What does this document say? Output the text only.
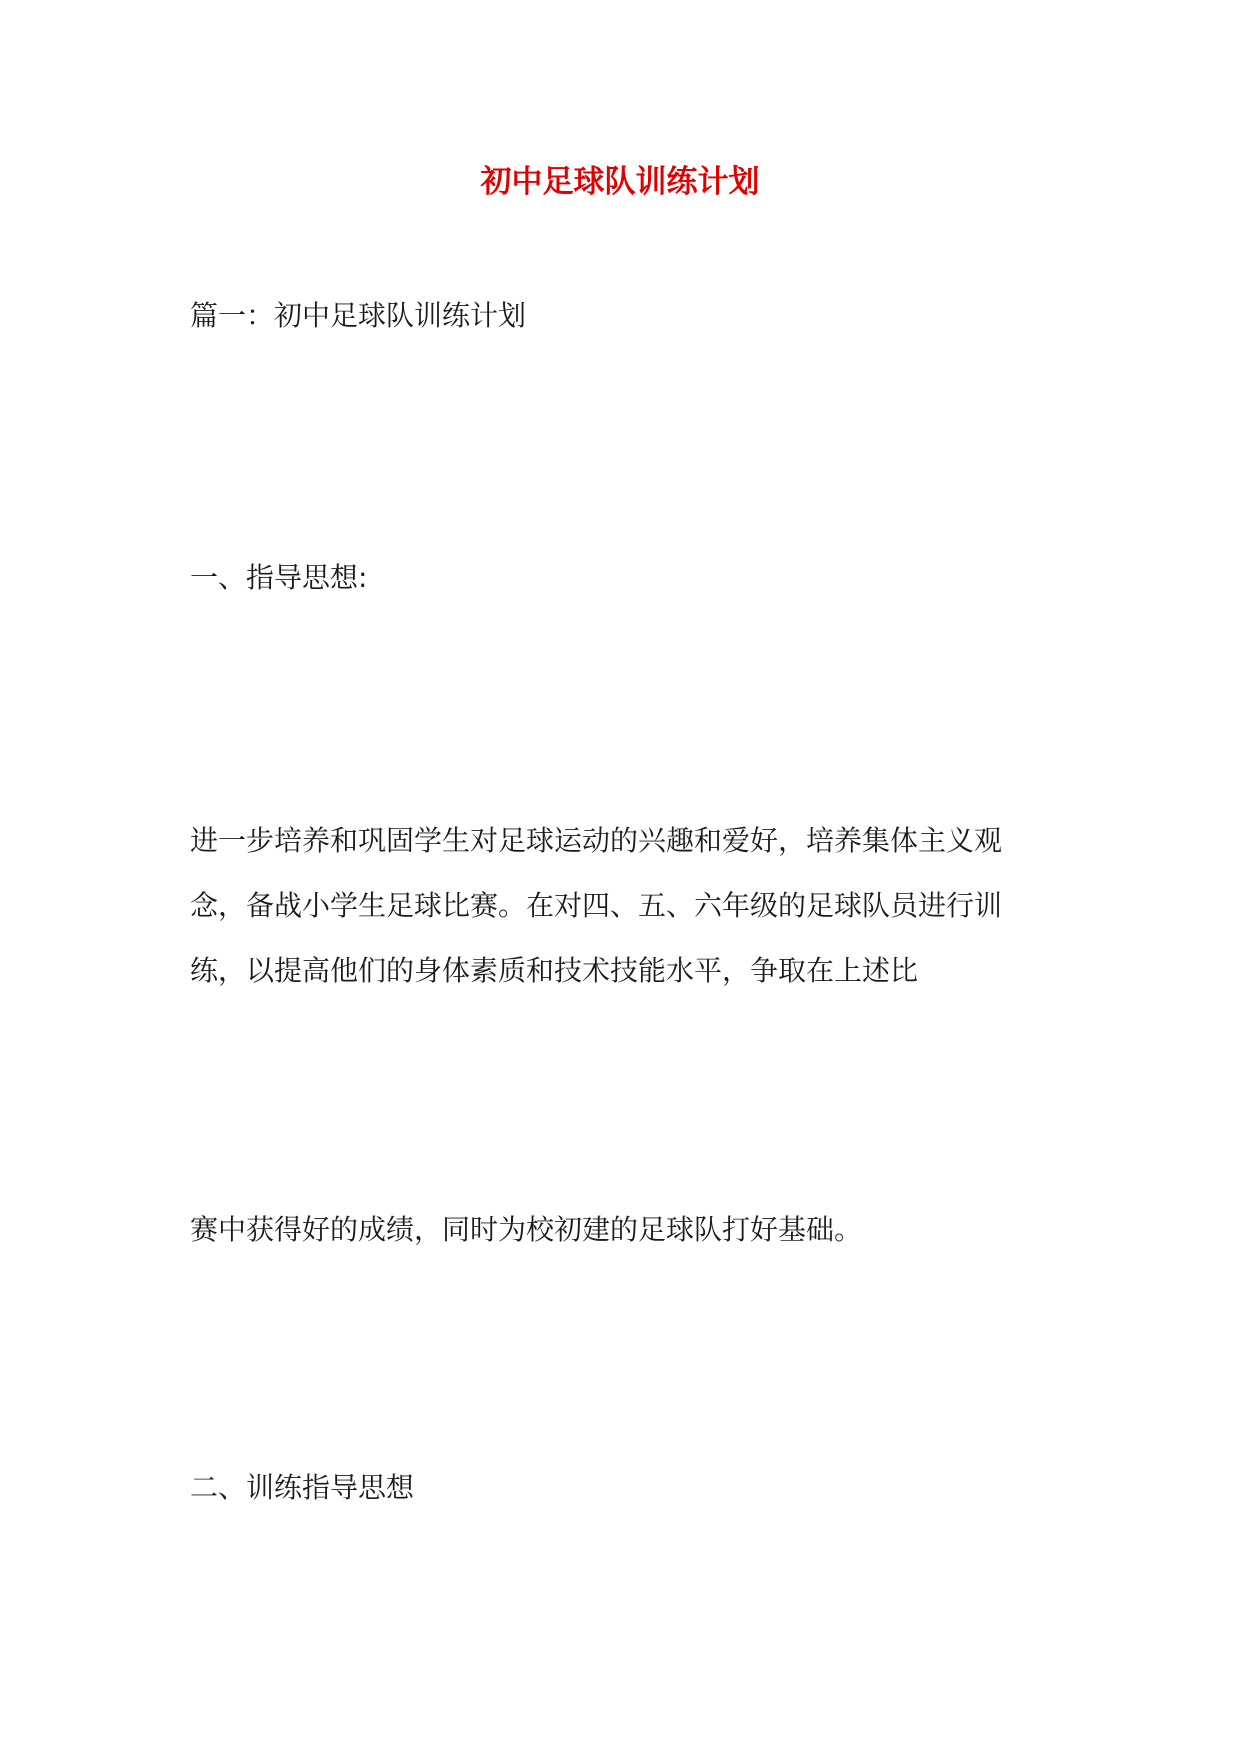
初中足球队训练计划
篇一：初中足球队训练计划
一、指导思想:
进一步培养和巩固学生对足球运动的兴趣和爱好，培养集体主义观
念，备战小学生足球比赛。在对四、五、六年级的足球队员进行训
练，以提高他们的身体素质和技术技能水平，争取在上述比
赛中获得好的成绩，同时为校初建的足球队打好基础。
二、训练指导思想
